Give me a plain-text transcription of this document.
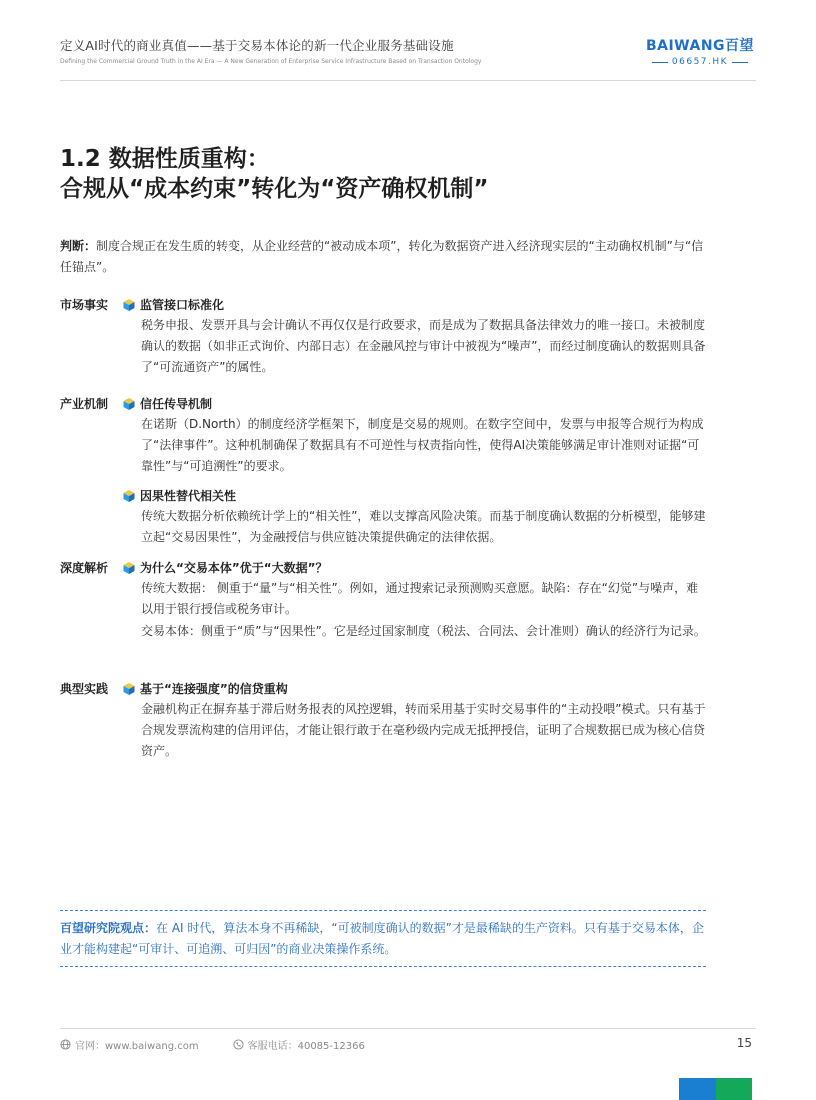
定义AI时代的商业真值——基于交易本体论的新一代企业服务基础设施
Defining the Commercial Ground Truth in the AI Era — A New Generation of Enterprise Service Infrastructure Based on Transaction Ontology
BAIWANG百望
06657.HK
1.2 数据性质重构：
合规从“成本约束”转化为“资产确权机制”
判断：制度合规正在发生质的转变，从企业经营的“被动成本项”，转化为数据资产进入经济现实层的“主动确权机制”与“信任锚点”。
市场事实	监管接口标准化
税务申报、发票开具与会计确认不再仅仅是行政要求，而是成为了数据具备法律效力的唯一接口。未被制度确认的数据（如非正式询价、内部日志）在金融风控与审计中被视为“噪声”，而经过制度确认的数据则具备了“可流通资产”的属性。
产业机制	信任传导机制
在诺斯（D.North）的制度经济学框架下，制度是交易的规则。在数字空间中，发票与申报等合规行为构成了“法律事件”。这种机制确保了数据具有不可逆性与权责指向性，使得AI决策能够满足审计准则对证据“可靠性”与“可追溯性”的要求。
因果性替代相关性
传统大数据分析依赖统计学上的“相关性”，难以支撑高风险决策。而基于制度确认数据的分析模型，能够建立起“交易因果性”，为金融授信与供应链决策提供确定的法律依据。
深度解析	为什么“交易本体”优于“大数据”？
传统大数据： 侧重于“量”与“相关性”。例如，通过搜索记录预测购买意愿。缺陷：存在“幻觉”与噪声，难以用于银行授信或税务审计。
交易本体：侧重于“质”与“因果性”。它是经过国家制度（税法、合同法、会计准则）确认的经济行为记录。
典型实践	基于“连接强度”的信贷重构
金融机构正在摒弃基于滞后财务报表的风控逻辑，转而采用基于实时交易事件的“主动投喂”模式。只有基于合规发票流构建的信用评估，才能让银行敢于在毫秒级内完成无抵押授信，证明了合规数据已成为核心信贷资产。
百望研究院观点：在 AI 时代，算法本身不再稀缺，“可被制度确认的数据”才是最稀缺的生产资料。只有基于交易本体，企业才能构建起“可审计、可追溯、可归因”的商业决策操作系统。
官网：www.baiwang.com	客服电话：40085-12366	15
